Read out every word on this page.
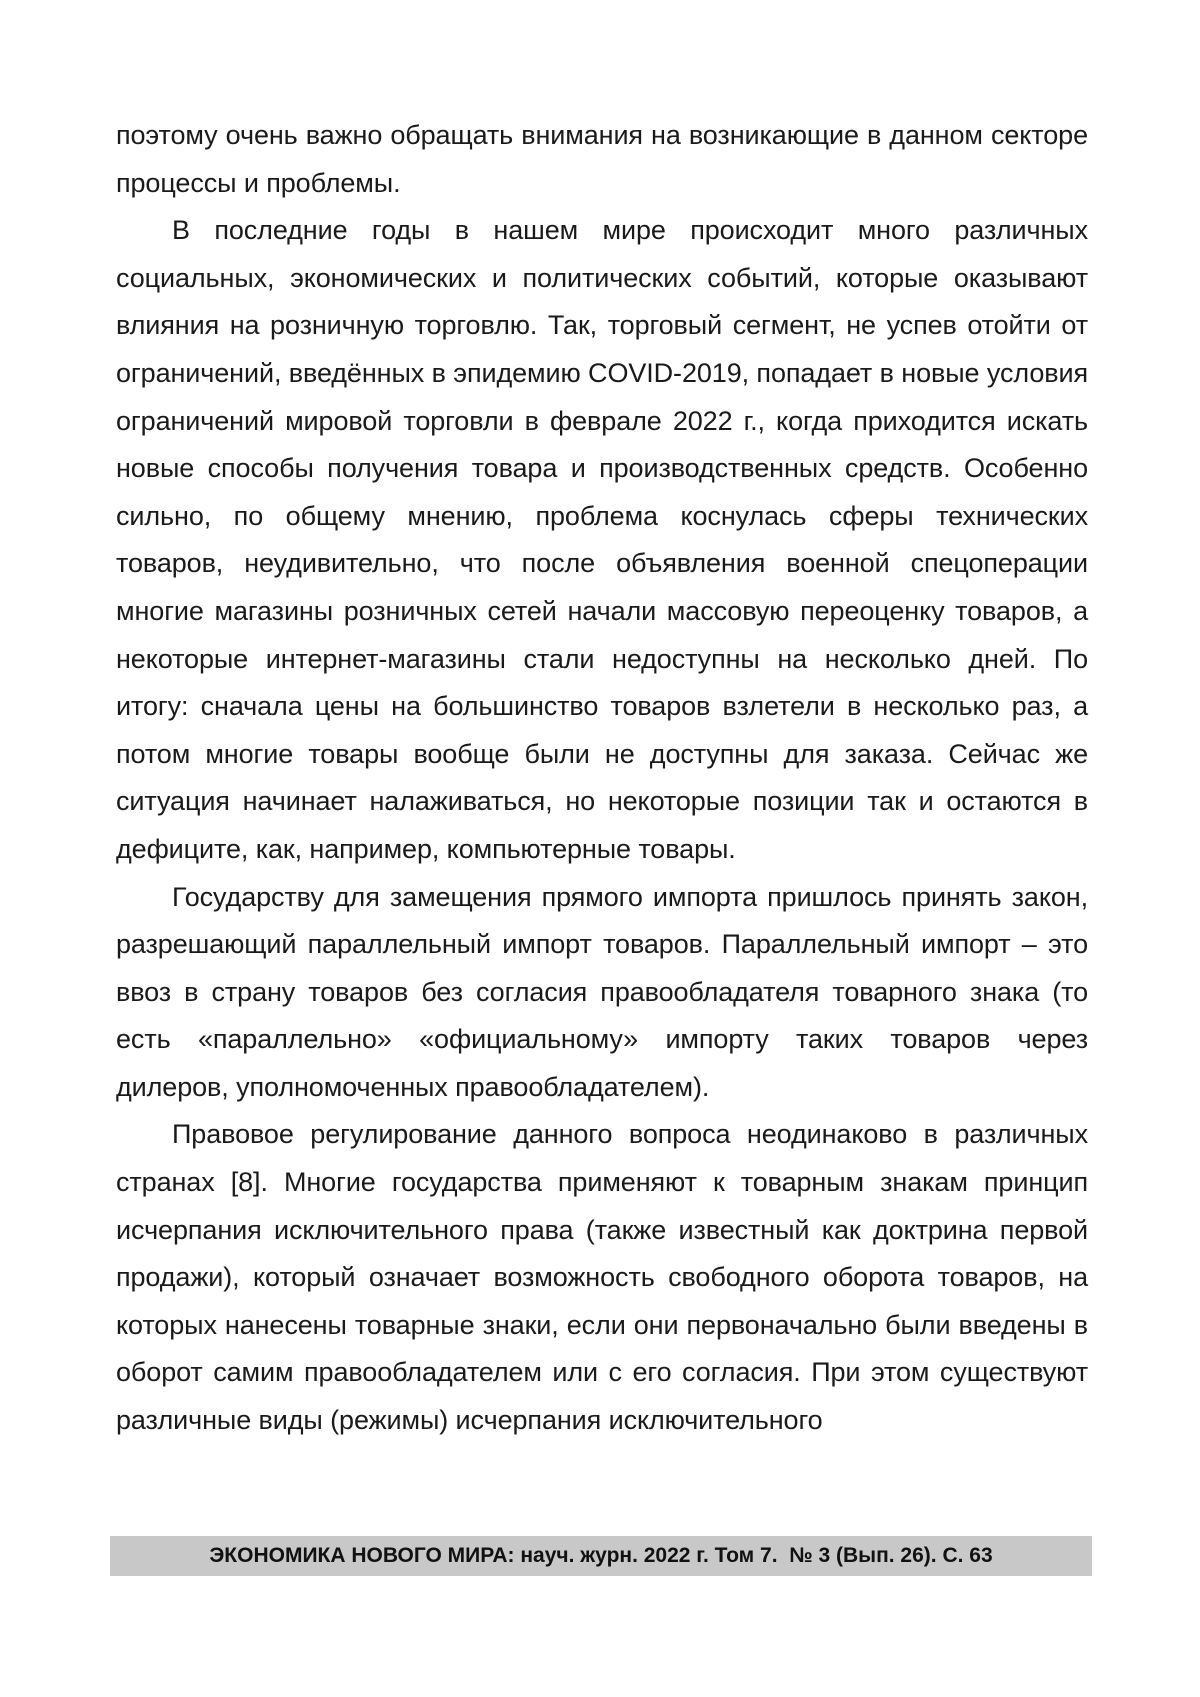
поэтому очень важно обращать внимания на возникающие в данном секторе процессы и проблемы.

В последние годы в нашем мире происходит много различных социальных, экономических и политических событий, которые оказывают влияния на розничную торговлю. Так, торговый сегмент, не успев отойти от ограничений, введённых в эпидемию COVID-2019, попадает в новые условия ограничений мировой торговли в феврале 2022 г., когда приходится искать новые способы получения товара и производственных средств. Особенно сильно, по общему мнению, проблема коснулась сферы технических товаров, неудивительно, что после объявления военной спецоперации многие магазины розничных сетей начали массовую переоценку товаров, а некоторые интернет-магазины стали недоступны на несколько дней. По итогу: сначала цены на большинство товаров взлетели в несколько раз, а потом многие товары вообще были не доступны для заказа. Сейчас же ситуация начинает налаживаться, но некоторые позиции так и остаются в дефиците, как, например, компьютерные товары.

Государству для замещения прямого импорта пришлось принять закон, разрешающий параллельный импорт товаров. Параллельный импорт – это ввоз в страну товаров без согласия правообладателя товарного знака (то есть «параллельно» «официальному» импорту таких товаров через дилеров, уполномоченных правообладателем).

Правовое регулирование данного вопроса неодинаково в различных странах [8]. Многие государства применяют к товарным знакам принцип исчерпания исключительного права (также известный как доктрина первой продажи), который означает возможность свободного оборота товаров, на которых нанесены товарные знаки, если они первоначально были введены в оборот самим правообладателем или с его согласия. При этом существуют различные виды (режимы) исчерпания исключительного

ЭКОНОМИКА НОВОГО МИРА: науч. журн. 2022 г. Том 7.  № 3 (Вып. 26). С. 63
